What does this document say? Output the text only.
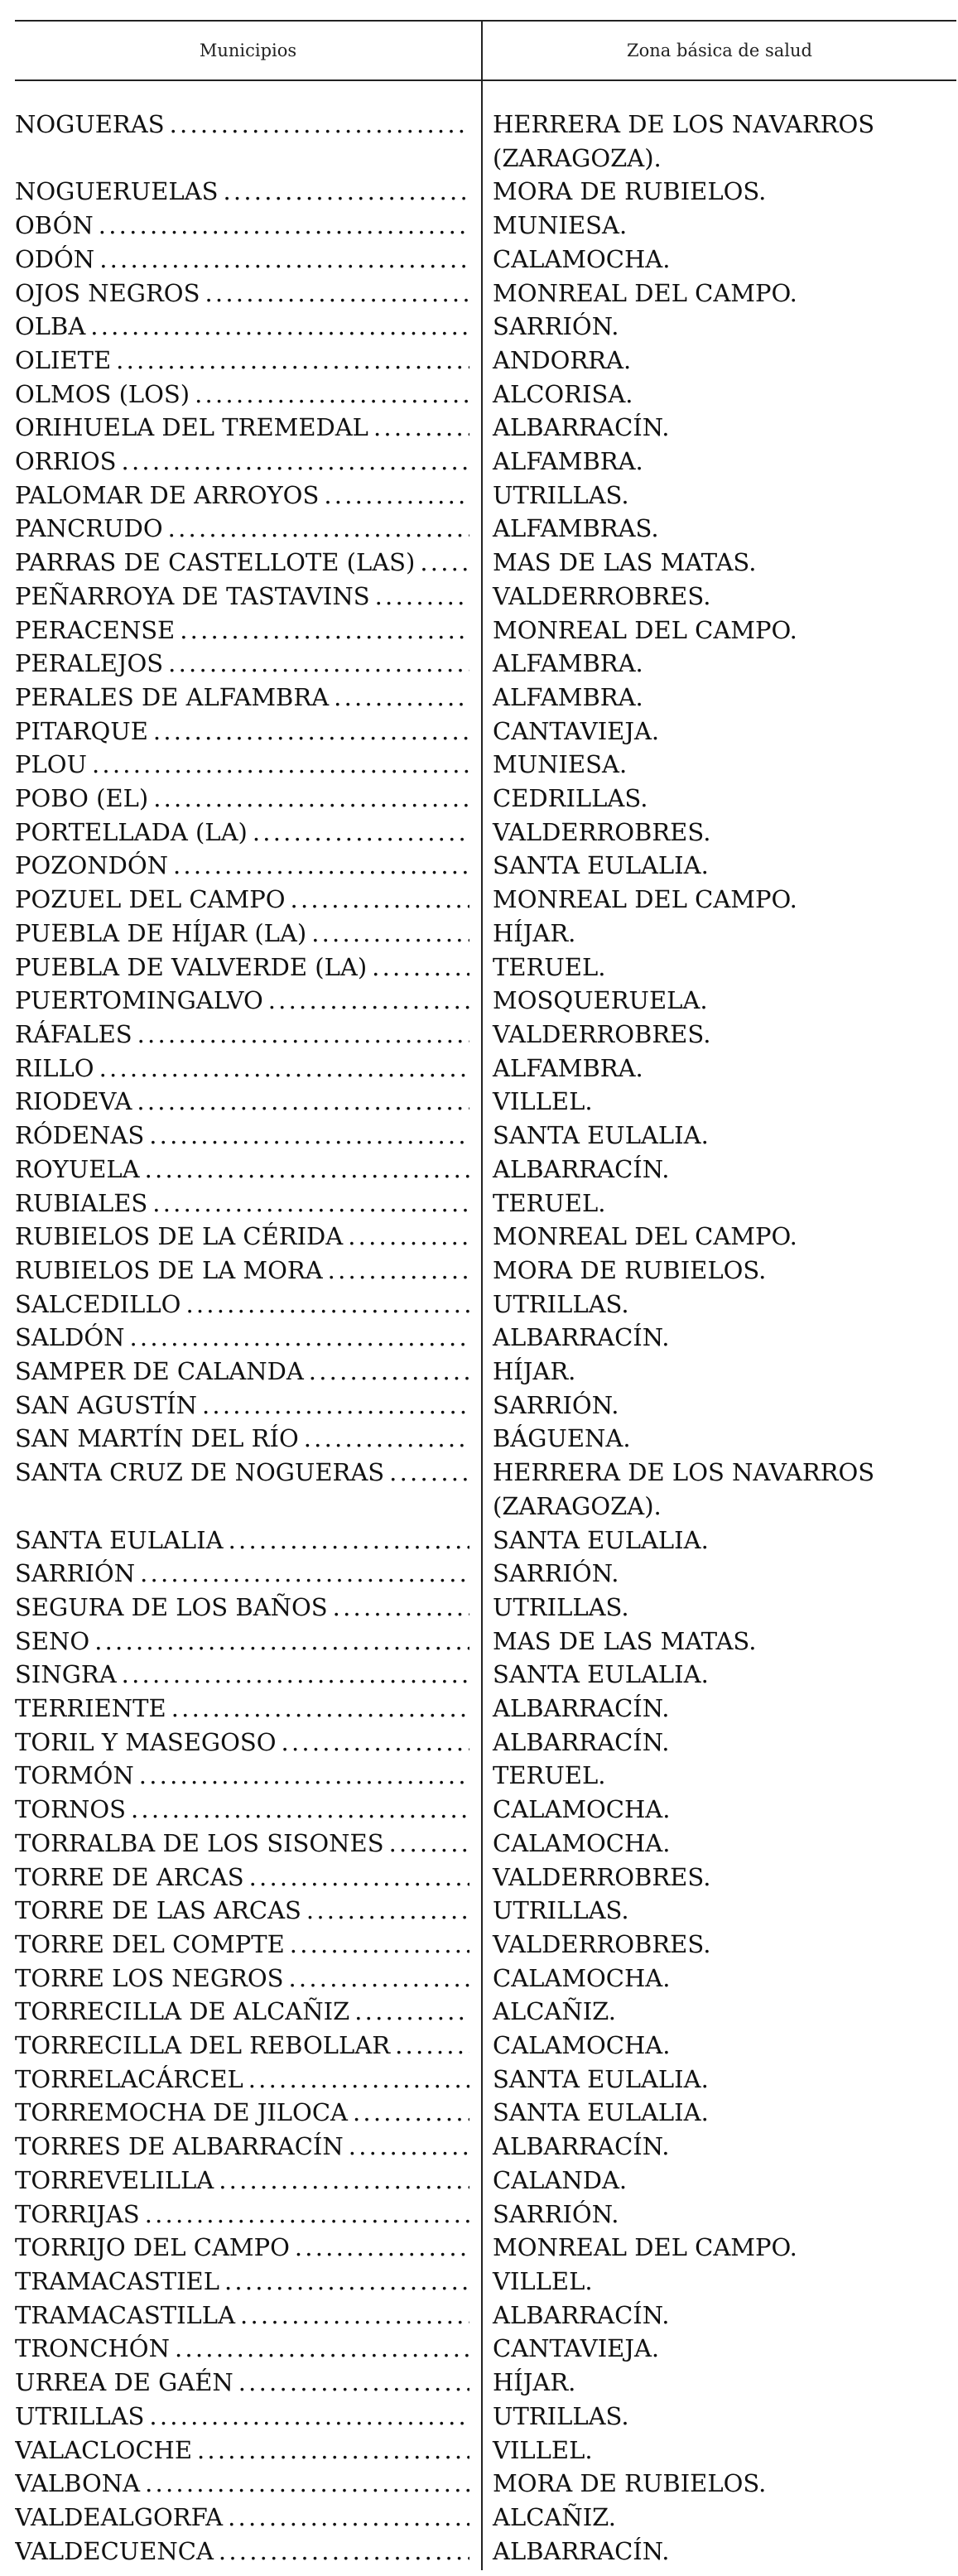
Municipios	Zona básica de salud
NOGUERAS . . .	HERRERA DE LOS NAVARROS (ZARAGOZA).
NOGUERUELAS . . .	MORA DE RUBIELOS.
OBÓN . . .	MUNIESA.
ODÓN . . .	CALAMOCHA.
OJOS NEGROS . . .	MONREAL DEL CAMPO.
OLBA . . .	SARRIÓN.
OLIETE . . .	ANDORRA.
OLMOS (LOS) . . .	ALCORISA.
ORIHUELA DEL TREMEDAL . . .	ALBARRACÍN.
ORRIOS . . .	ALFAMBRA.
PALOMAR DE ARROYOS . . .	UTRILLAS.
PANCRUDO . . .	ALFAMBRAS.
PARRAS DE CASTELLOTE (LAS) . . .	MAS DE LAS MATAS.
PEÑARROYA DE TASTAVINS . . .	VALDERROBRES.
PERACENSE . . .	MONREAL DEL CAMPO.
PERALEJOS . . .	ALFAMBRA.
PERALES DE ALFAMBRA . . .	ALFAMBRA.
PITARQUE . . .	CANTAVIEJA.
PLOU . . .	MUNIESA.
POBO (EL) . . .	CEDRILLAS.
PORTELLADA (LA) . . .	VALDERROBRES.
POZONDÓN . . .	SANTA EULALIA.
POZUEL DEL CAMPO . . .	MONREAL DEL CAMPO.
PUEBLA DE HÍJAR (LA) . . .	HÍJAR.
PUEBLA DE VALVERDE (LA) . . .	TERUEL.
PUERTOMINGALVO . . .	MOSQUERUELA.
RÁFALES . . .	VALDERROBRES.
RILLO . . .	ALFAMBRA.
RIODEVA . . .	VILLEL.
RÓDENAS . . .	SANTA EULALIA.
ROYUELA . . .	ALBARRACÍN.
RUBIALES . . .	TERUEL.
RUBIELOS DE LA CÉRIDA . . .	MONREAL DEL CAMPO.
RUBIELOS DE LA MORA . . .	MORA DE RUBIELOS.
SALCEDILLO . . .	UTRILLAS.
SALDÓN . . .	ALBARRACÍN.
SAMPER DE CALANDA . . .	HÍJAR.
SAN AGUSTÍN . . .	SARRIÓN.
SAN MARTÍN DEL RÍO . . .	BÁGUENA.
SANTA CRUZ DE NOGUERAS . . .	HERRERA DE LOS NAVARROS (ZARAGOZA).
SANTA EULALIA . . .	SANTA EULALIA.
SARRIÓN . . .	SARRIÓN.
SEGURA DE LOS BAÑOS . . .	UTRILLAS.
SENO . . .	MAS DE LAS MATAS.
SINGRA . . .	SANTA EULALIA.
TERRIENTE . . .	ALBARRACÍN.
TORIL Y MASEGOSO . . .	ALBARRACÍN.
TORMÓN . . .	TERUEL.
TORNOS . . .	CALAMOCHA.
TORRALBA DE LOS SISONES . . .	CALAMOCHA.
TORRE DE ARCAS . . .	VALDERROBRES.
TORRE DE LAS ARCAS . . .	UTRILLAS.
TORRE DEL COMPTE . . .	VALDERROBRES.
TORRE LOS NEGROS . . .	CALAMOCHA.
TORRECILLA DE ALCAÑIZ . . .	ALCAÑIZ.
TORRECILLA DEL REBOLLAR . . .	CALAMOCHA.
TORRELACÁRCEL . . .	SANTA EULALIA.
TORREMOCHA DE JILOCA . . .	SANTA EULALIA.
TORRES DE ALBARRACÍN . . .	ALBARRACÍN.
TORREVELILLA . . .	CALANDA.
TORRIJAS . . .	SARRIÓN.
TORRIJO DEL CAMPO . . .	MONREAL DEL CAMPO.
TRAMACASTIEL . . .	VILLEL.
TRAMACASTILLA . . .	ALBARRACÍN.
TRONCHÓN . . .	CANTAVIEJA.
URREA DE GAÉN . . .	HÍJAR.
UTRILLAS . . .	UTRILLAS.
VALACLOCHE . . .	VILLEL.
VALBONA . . .	MORA DE RUBIELOS.
VALDEALGORFA . . .	ALCAÑIZ.
VALDECUENCA . . .	ALBARRACÍN.
